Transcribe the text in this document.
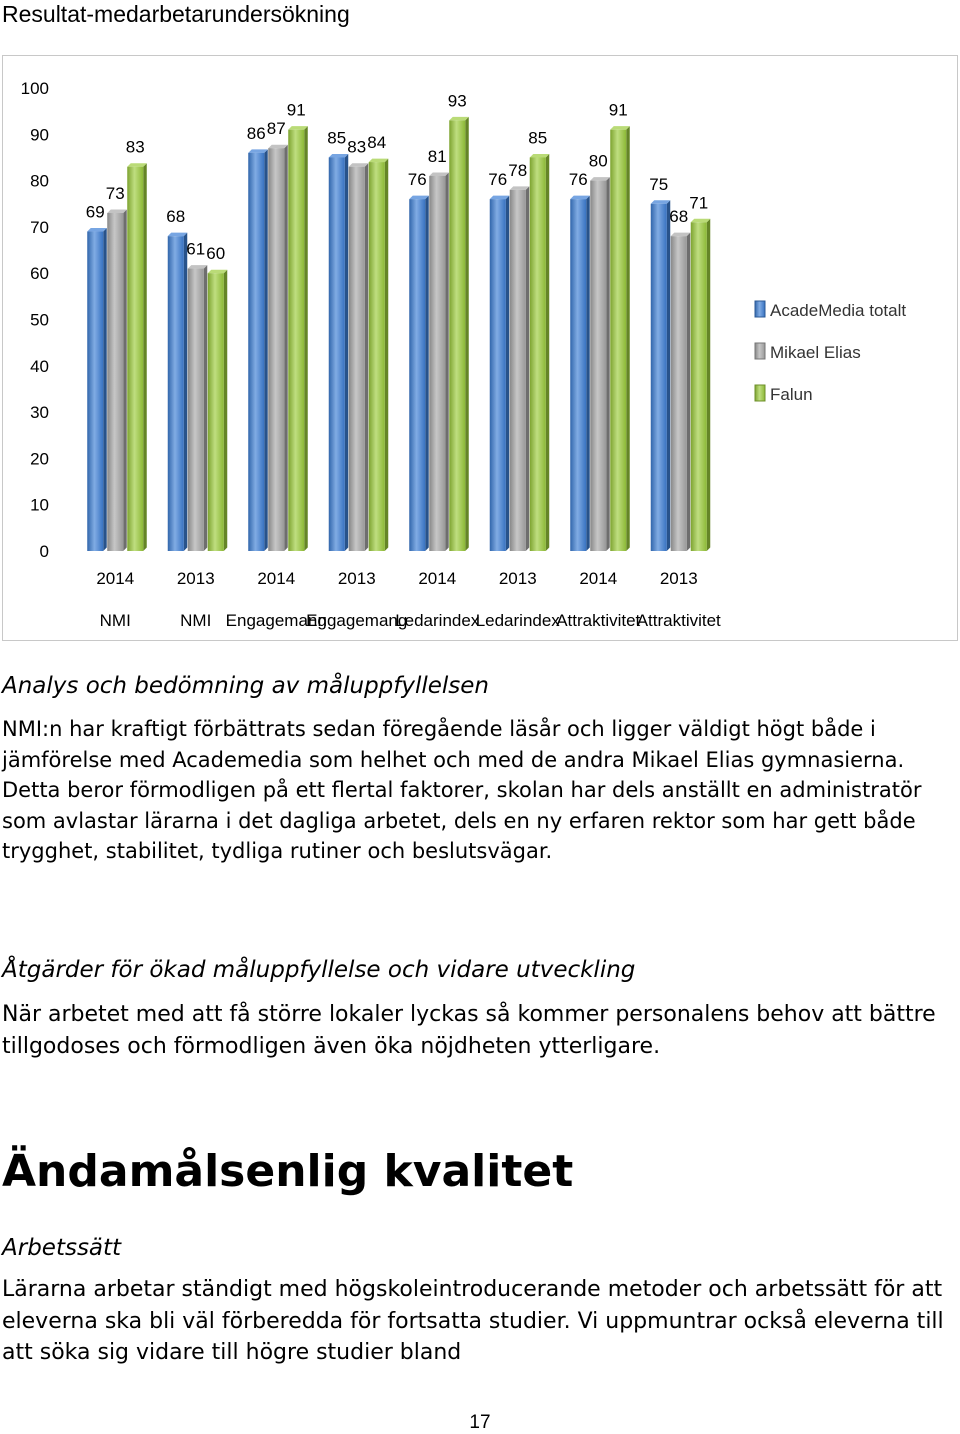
Resultat-medarbetarundersökning
0
10
20
30
40
50
60
70
80
90
100
69	68
86	85
76	76	76	75
73
61
87
83	81
78	80
68
83
60
91
84
93
85
91
71
2014
NMI
2013
NMI
2014
Engagemang
2013
Engagemang
2014
Ledarindex
2013
Ledarindex
2014
Attraktivitet
2013
Attraktivitet
AcadeMedia totalt
Mikael Elias
Falun
Analys och bedömning av måluppfyllelsen

NMI:n har kraftigt förbättrats sedan föregående läsår och ligger väldigt högt både i jämförelse med Academedia som helhet och med de andra Mikael Elias gymnasierna. Detta beror förmodligen på ett flertal faktorer, skolan har dels anställt en administratör som avlastar lärarna i det dagliga arbetet, dels en ny erfaren rektor som har gett både trygghet, stabilitet, tydliga rutiner och beslutsvägar.

Åtgärder för ökad måluppfyllelse och vidare utveckling

När arbetet med att få större lokaler lyckas så kommer personalens behov att bättre tillgodoses och förmodligen även öka nöjdheten ytterligare.

Ändamålsenlig kvalitet
Arbetssätt

Lärarna arbetar ständigt med högskoleintroducerande metoder och arbetssätt för att eleverna ska bli väl förberedda för fortsatta studier. Vi uppmuntrar också eleverna till att söka sig vidare till högre studier bland

17
